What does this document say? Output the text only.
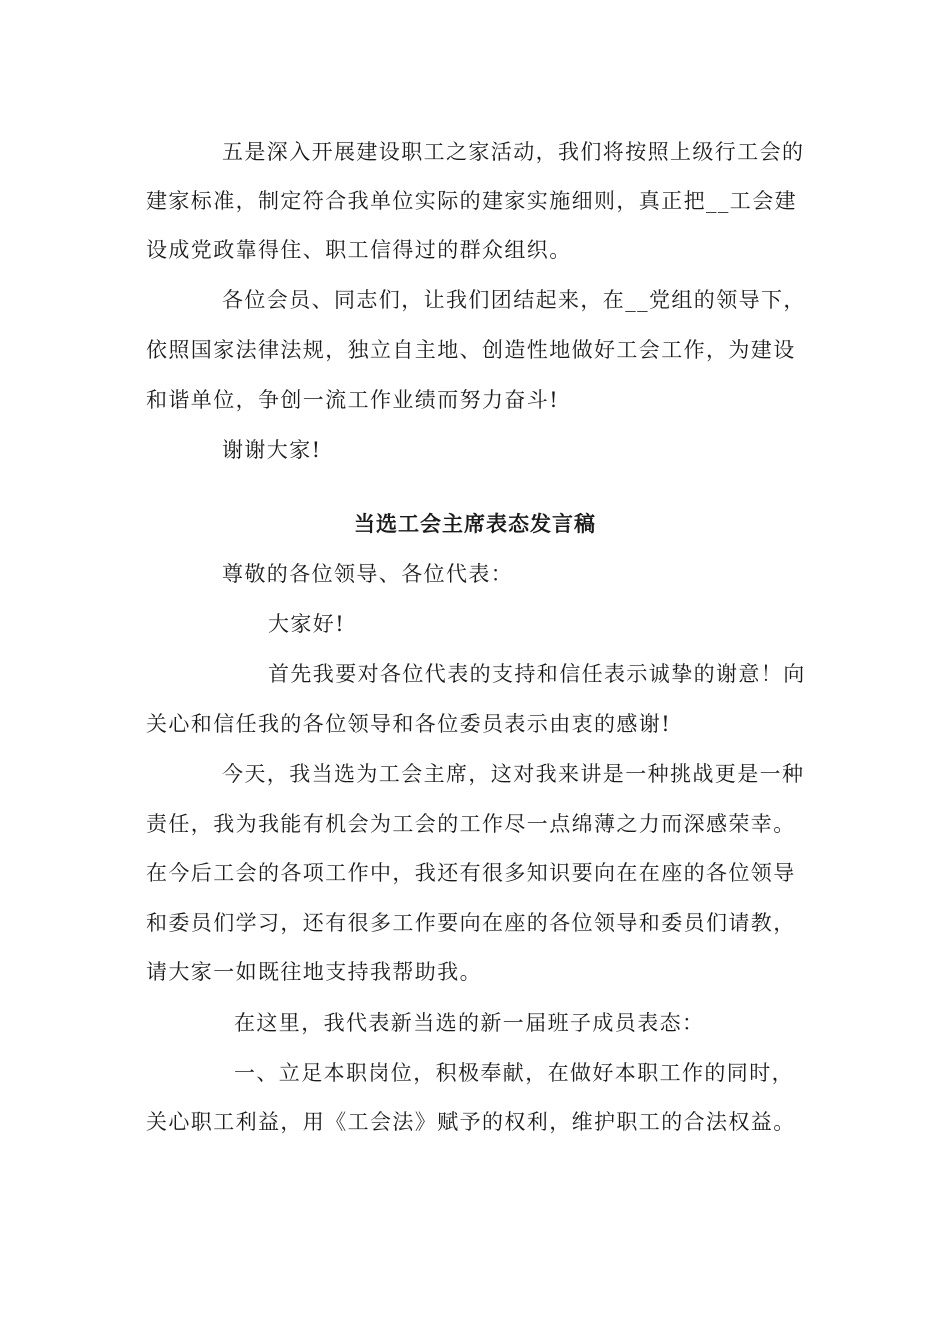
五是深入开展建设职工之家活动，我们将按照上级行工会的
建家标准，制定符合我单位实际的建家实施细则，真正把__工会建
设成党政靠得住、职工信得过的群众组织。
各位会员、同志们，让我们团结起来，在__党组的领导下，
依照国家法律法规，独立自主地、创造性地做好工会工作，为建设
和谐单位，争创一流工作业绩而努力奋斗!
谢谢大家!
当选工会主席表态发言稿
尊敬的各位领导、各位代表：
大家好!
首先我要对各位代表的支持和信任表示诚挚的谢意！向
关心和信任我的各位领导和各位委员表示由衷的感谢!
今天，我当选为工会主席，这对我来讲是一种挑战更是一种
责任，我为我能有机会为工会的工作尽一点绵薄之力而深感荣幸。
在今后工会的各项工作中，我还有很多知识要向在在座的各位领导
和委员们学习，还有很多工作要向在座的各位领导和委员们请教，
请大家一如既往地支持我帮助我。
在这里，我代表新当选的新一届班子成员表态：
一、立足本职岗位，积极奉献，在做好本职工作的同时，
关心职工利益，用《工会法》赋予的权利，维护职工的合法权益。
